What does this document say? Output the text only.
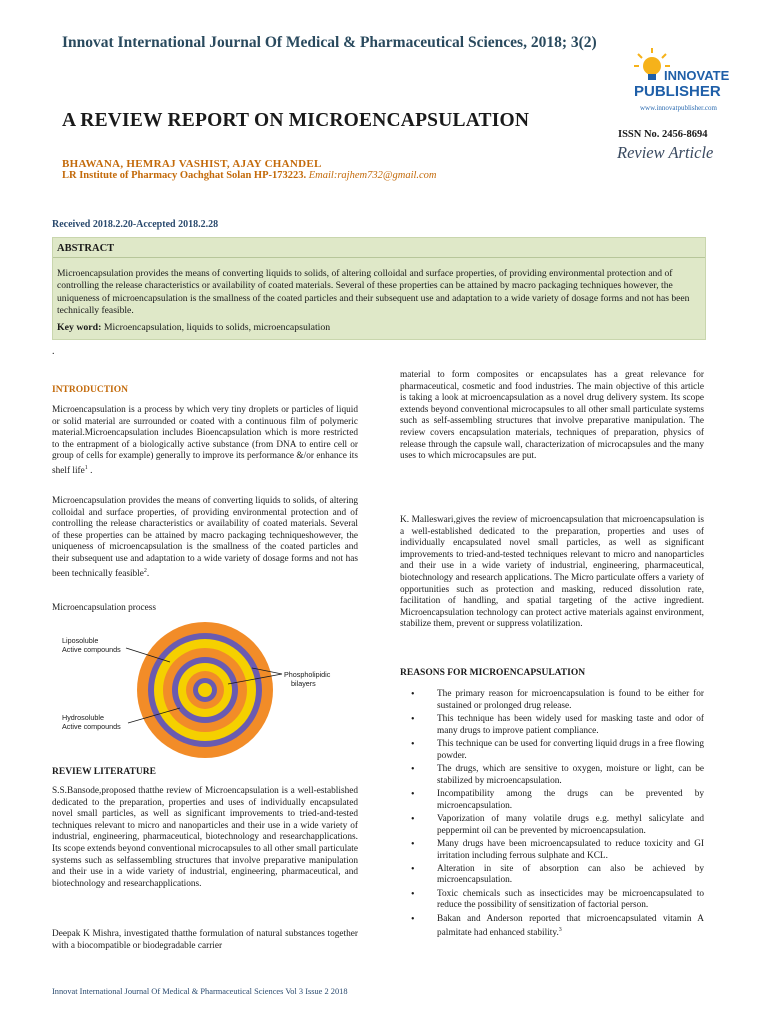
Innovat International Journal Of Medical & Pharmaceutical Sciences, 2018; 3(2)
INNOVATE
PUBLISHER
www.innovatpublisher.com
A REVIEW REPORT ON MICROENCAPSULATION
ISSN No. 2456-8694
Review Article
BHAWANA, HEMRAJ VASHIST, AJAY CHANDEL
LR Institute of Pharmacy Oachghat Solan HP-173223. Email:rajhem732@gmail.com
Received 2018.2.20-Accepted 2018.2.28
ABSTRACT
Microencapsulation provides the means of converting liquids to solids, of altering colloidal and surface properties, of providing environmental protection and of controlling the release characteristics or availability of coated materials. Several of these properties can be attained by macro packaging techniques however, the uniqueness of microencapsulation is the smallness of the coated particles and their subsequent use and adaptation to a wide variety of dosage forms and not has been technically feasible.
Key word: Microencapsulation, liquids to solids, microencapsulation
.
INTRODUCTION
Microencapsulation is a process by which very tiny droplets or particles of liquid or solid material are surrounded or coated with a continuous film of polymeric material.Microencapsulation includes Bioencapsulation which is more restricted to the entrapment of a biologically active substance (from DNA to entire cell or group of cells for example) generally to improve its performance &/or enhance its shelf life$^1$ .
Microencapsulation provides the means of converting liquids to solids, of altering colloidal and surface properties, of providing environmental protection and of controlling the release characteristics or availability of coated materials. Several of these properties can be attained by macro packaging techniqueshowever, the uniqueness of microencapsulation is the smallness of the coated particles and their subsequent use and adaptation to a wide variety of dosage forms and not has been technically feasible$^2$.
Microencapsulation process
Liposoluble
Active compounds
Phospholipidic
bilayers
Hydrosoluble
Active compounds
REVIEW LITERATURE
S.S.Bansode,proposed thatthe review of Microencapsulation is a well-established dedicated to the preparation, properties and uses of individually encapsulated novel small particles, as well as significant improvements to tried-and-tested techniques relevant to micro and nanoparticles and their use in a wide variety of industrial, engineering, pharmaceutical, biotechnology and researchapplications. Its scope extends beyond conventional microcapsules to all other small particulate systems such as selfassembling structures that involve preparative manipulation and their use in a wide variety of industrial, engineering, pharmaceutical, and biotechnology and researchapplications.
Deepak K Mishra, investigated thatthe formulation of natural substances together with a biocompatible or biodegradable carrier
material to form composites or encapsulates has a great relevance for pharmaceutical, cosmetic and food industries. The main objective of this article is taking a look at microencapsulation as a novel drug delivery system. Its scope extends beyond conventional microcapsules to all other small particulate systems such as self-assembling structures that involve preparative manipulation. The review covers encapsulation materials, techniques of preparation, physics of release through the capsule wall, characterization of microcapsules and the many uses to which microcapsules are put.
K. Malleswari,gives the review of microencapsulation that microencapsulation is a well-established dedicated to the preparation, properties and uses of individually encapsulated novel small particles, as well as significant improvements to tried-and-tested techniques relevant to micro and nanoparticles and their use in a wide variety of industrial, engineering, pharmaceutical, biotechnology and research applications. The Micro particulate offers a variety of opportunities such as protection and masking, reduced dissolution rate, facilitation of handling, and spatial targeting of the active ingredient. Microencapsulation technology can protect active materials against environment, stabilize them, prevent or suppress volatilization.
REASONS FOR MICROENCAPSULATION
• The primary reason for microencapsulation is found to be either for sustained or prolonged drug release.
• This technique has been widely used for masking taste and odor of many drugs to improve patient compliance.
• This technique can be used for converting liquid drugs in a free flowing powder.
• The drugs, which are sensitive to oxygen, moisture or light, can be stabilized by microencapsulation.
• Incompatibility among the drugs can be prevented by microencapsulation.
• Vaporization of many volatile drugs e.g. methyl salicylate and peppermint oil can be prevented by microencapsulation.
• Many drugs have been microencapsulated to reduce toxicity and GI irritation including ferrous sulphate and KCL.
• Alteration in site of absorption can also be achieved by microencapsulation.
• Toxic chemicals such as insecticides may be microencapsulated to reduce the possibility of sensitization of factorial person.
• Bakan and Anderson reported that microencapsulated vitamin A palmitate had enhanced stability.$^3$
Innovat International Journal Of Medical & Pharmaceutical Sciences Vol 3 Issue 2 2018
